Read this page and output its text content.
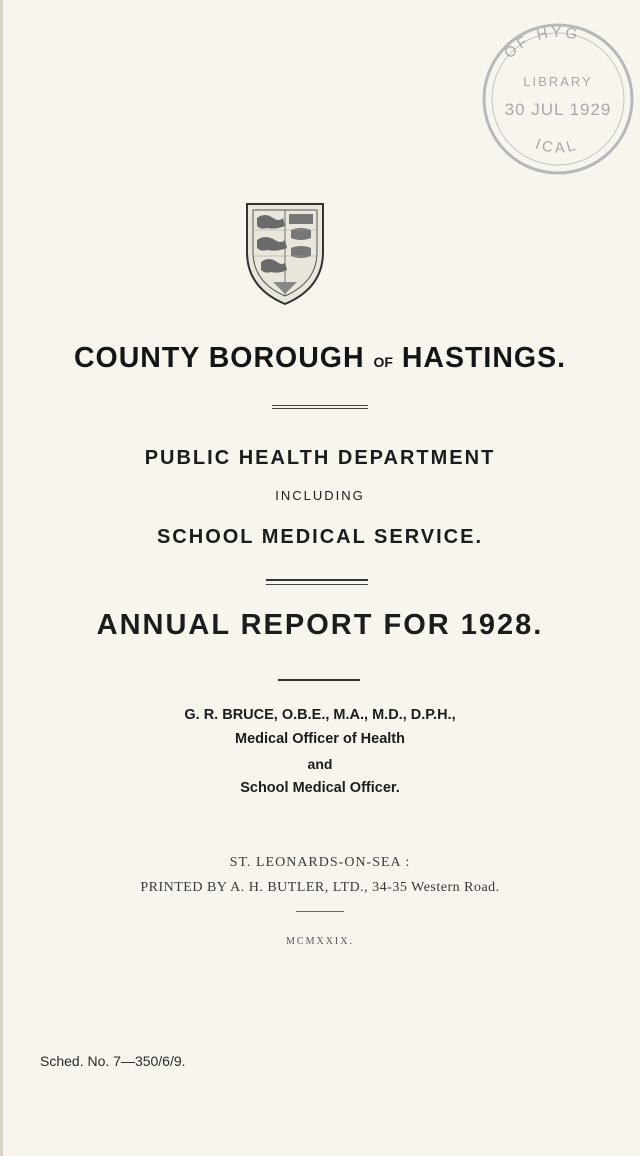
OF HYG
LIBRARY
30 JUL 1929
ICAL
COUNTY BOROUGH OF HASTINGS.
PUBLIC HEALTH DEPARTMENT
INCLUDING
SCHOOL MEDICAL SERVICE.
ANNUAL REPORT FOR 1928.
G. R. BRUCE, O.B.E., M.A., M.D., D.P.H.,
Medical Officer of Health
and
School Medical Officer.
ST. LEONARDS-ON-SEA :
PRINTED BY A. H. BUTLER, LTD., 34-35 Western Road.
MCMXXIX.
Sched. No. 7—350/6/9.
